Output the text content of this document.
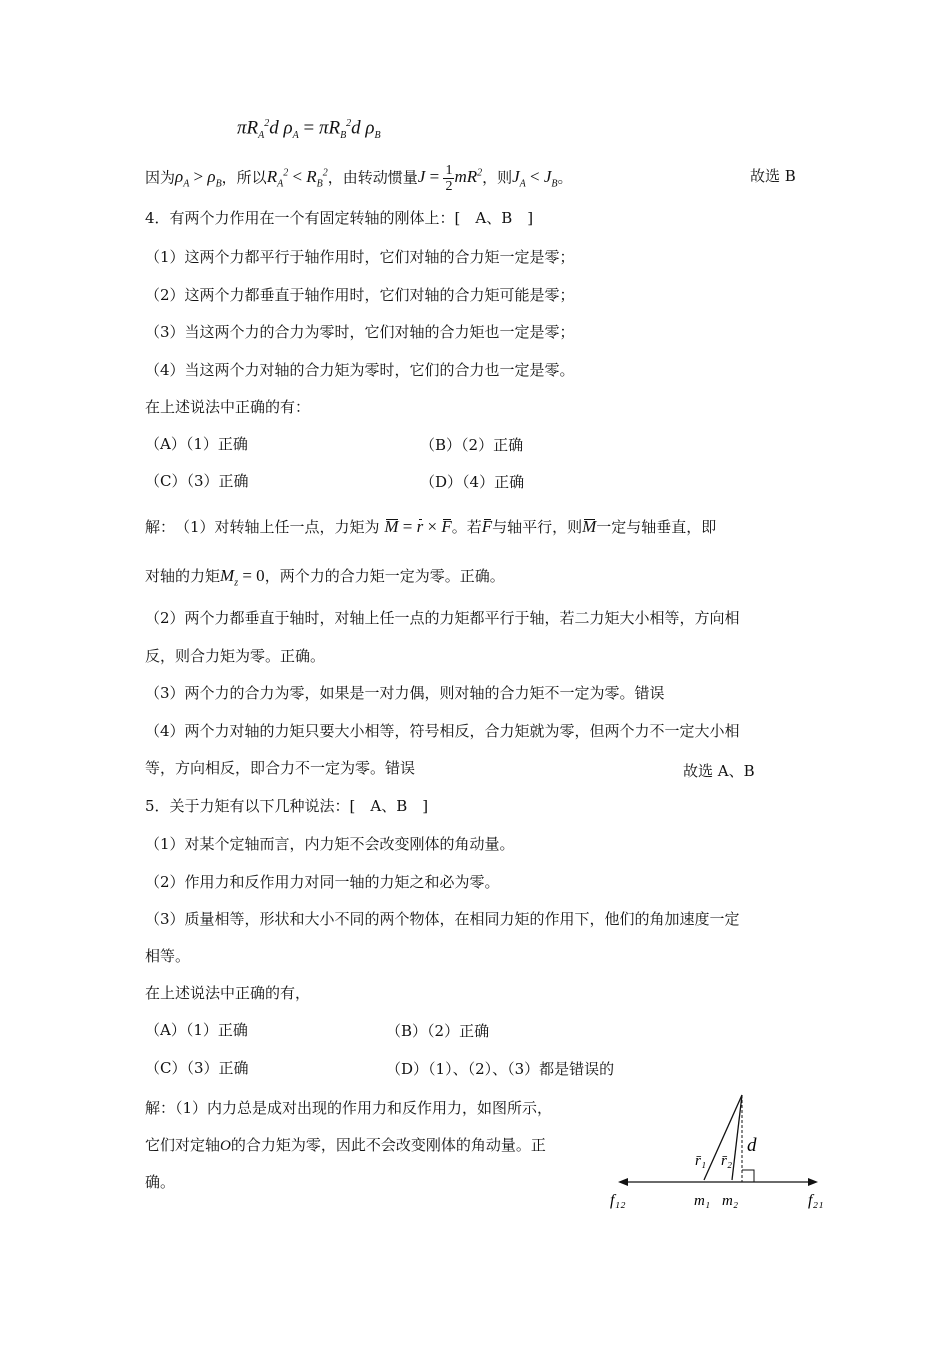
$\pi R_A^2d$ $\rho_A = \pi R_B^2d$ $\rho_B$
因为$\rho_A > \rho_B$，所以$R_A^2 < R_B^2$，由转动惯量$J = \frac{1}{2} mR^2$，则$J_A < J_B$。	故选 B
4．有两个力作用在一个有固定转轴的刚体上：[　A、B　]
（1）这两个力都平行于轴作用时，它们对轴的合力矩一定是零；
（2）这两个力都垂直于轴作用时，它们对轴的合力矩可能是零；
（3）当这两个力的合力为零时，它们对轴的合力矩也一定是零；
（4）当这两个力对轴的合力矩为零时，它们的合力也一定是零。
在上述说法中正确的有：
（A）（1）正确	（B）（2）正确
（C）（3）正确	（D）（4）正确
解：　（1）对转轴上任一点，力矩为 M = r × F。若F与轴平行，则M一定与轴垂直，即
对轴的力矩$M_z = 0$，两个力的合力矩一定为零。正确。
（2）两个力都垂直于轴时，对轴上任一点的力矩都平行于轴，若二力矩大小相等，方向相
反，则合力矩为零。正确。
（3）两个力的合力为零，如果是一对力偶，则对轴的合力矩不一定为零。错误
（4）两个力对轴的力矩只要大小相等，符号相反，合力矩就为零，但两个力不一定大小相
等，方向相反，即合力不一定为零。错误	故选 A、B
5．关于力矩有以下几种说法：[　A、B　]
（1）对某个定轴而言，内力矩不会改变刚体的角动量。
（2）作用力和反作用力对同一轴的力矩之和必为零。
（3）质量相等，形状和大小不同的两个物体，在相同力矩的作用下，他们的角加速度一定
相等。
在上述说法中正确的有，
（A）（1）正确	（B）（2）正确
（C）（3）正确	（D）（1）、（2）、（3）都是错误的
解：（1）内力总是成对出现的作用力和反作用力，如图所示，
它们对定轴O的合力矩为零，因此不会改变刚体的角动量。正
确。
r̄₁ r̄₂
d
f₁₂	m₁ m₂	f₂₁
